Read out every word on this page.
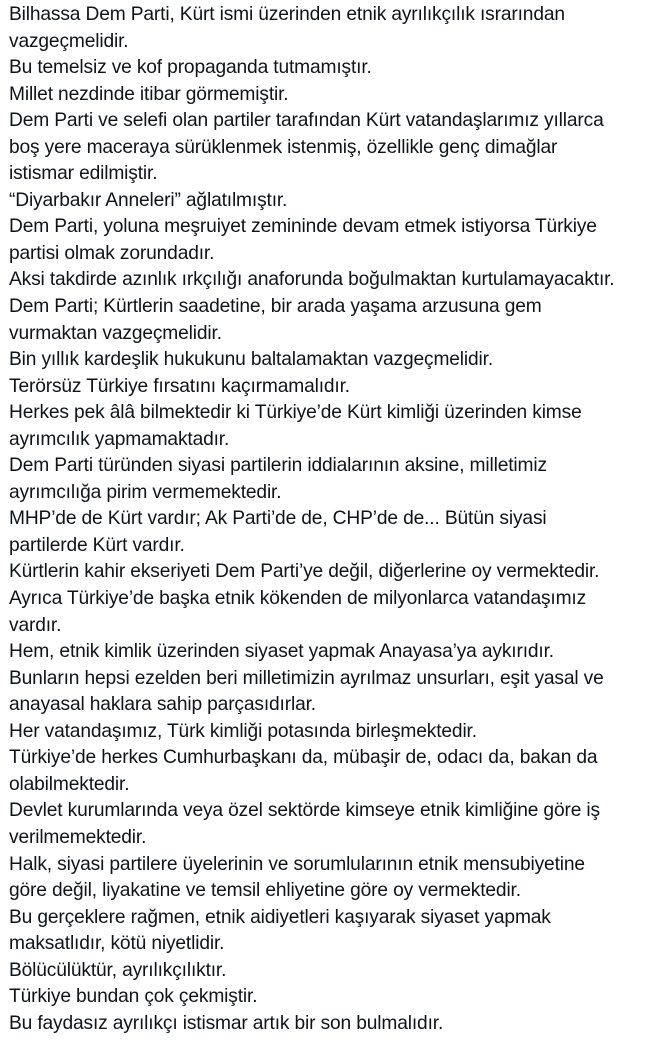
Bilhassa Dem Parti, Kürt ismi üzerinden etnik ayrılıkçılık ısrarından
vazgeçmelidir.

Bu temelsiz ve kof propaganda tutmamıştır.

Millet nezdinde itibar görmemiştir.

Dem Parti ve selefi olan partiler tarafından Kürt vatandaşlarımız yıllarca
boş yere maceraya sürüklenmek istenmiş, özellikle genç dimağlar
istismar edilmiştir.

“Diyarbakır Anneleri” ağlatılmıştır.

Dem Parti, yoluna meşruiyet zemininde devam etmek istiyorsa Türkiye
partisi olmak zorundadır.

Aksi takdirde azınlık ırkçılığı anaforunda boğulmaktan kurtulamayacaktır.

Dem Parti; Kürtlerin saadetine, bir arada yaşama arzusuna gem
vurmaktan vazgeçmelidir.

Bin yıllık kardeşlik hukukunu baltalamaktan vazgeçmelidir.

Terörsüz Türkiye fırsatını kaçırmamalıdır.

Herkes pek âlâ bilmektedir ki Türkiye’de Kürt kimliği üzerinden kimse
ayrımcılık yapmamaktadır.

Dem Parti türünden siyasi partilerin iddialarının aksine, milletimiz
ayrımcılığa pirim vermemektedir.

MHP’de de Kürt vardır; Ak Parti’de de, CHP’de de... Bütün siyasi
partilerde Kürt vardır.

Kürtlerin kahir ekseriyeti Dem Parti’ye değil, diğerlerine oy vermektedir.

Ayrıca Türkiye’de başka etnik kökenden de milyonlarca vatandaşımız
vardır.

Hem, etnik kimlik üzerinden siyaset yapmak Anayasa’ya aykırıdır.

Bunların hepsi ezelden beri milletimizin ayrılmaz unsurları, eşit yasal ve
anayasal haklara sahip parçasıdırlar.

Her vatandaşımız, Türk kimliği potasında birleşmektedir.

Türkiye’de herkes Cumhurbaşkanı da, mübaşir de, odacı da, bakan da
olabilmektedir.

Devlet kurumlarında veya özel sektörde kimseye etnik kimliğine göre iş
verilmemektedir.

Halk, siyasi partilere üyelerinin ve sorumlularının etnik mensubiyetine
göre değil, liyakatine ve temsil ehliyetine göre oy vermektedir.

Bu gerçeklere rağmen, etnik aidiyetleri kaşıyarak siyaset yapmak
maksatlıdır, kötü niyetlidir.

Bölücülüktür, ayrılıkçılıktır.

Türkiye bundan çok çekmiştir.

Bu faydasız ayrılıkçı istismar artık bir son bulmalıdır.
